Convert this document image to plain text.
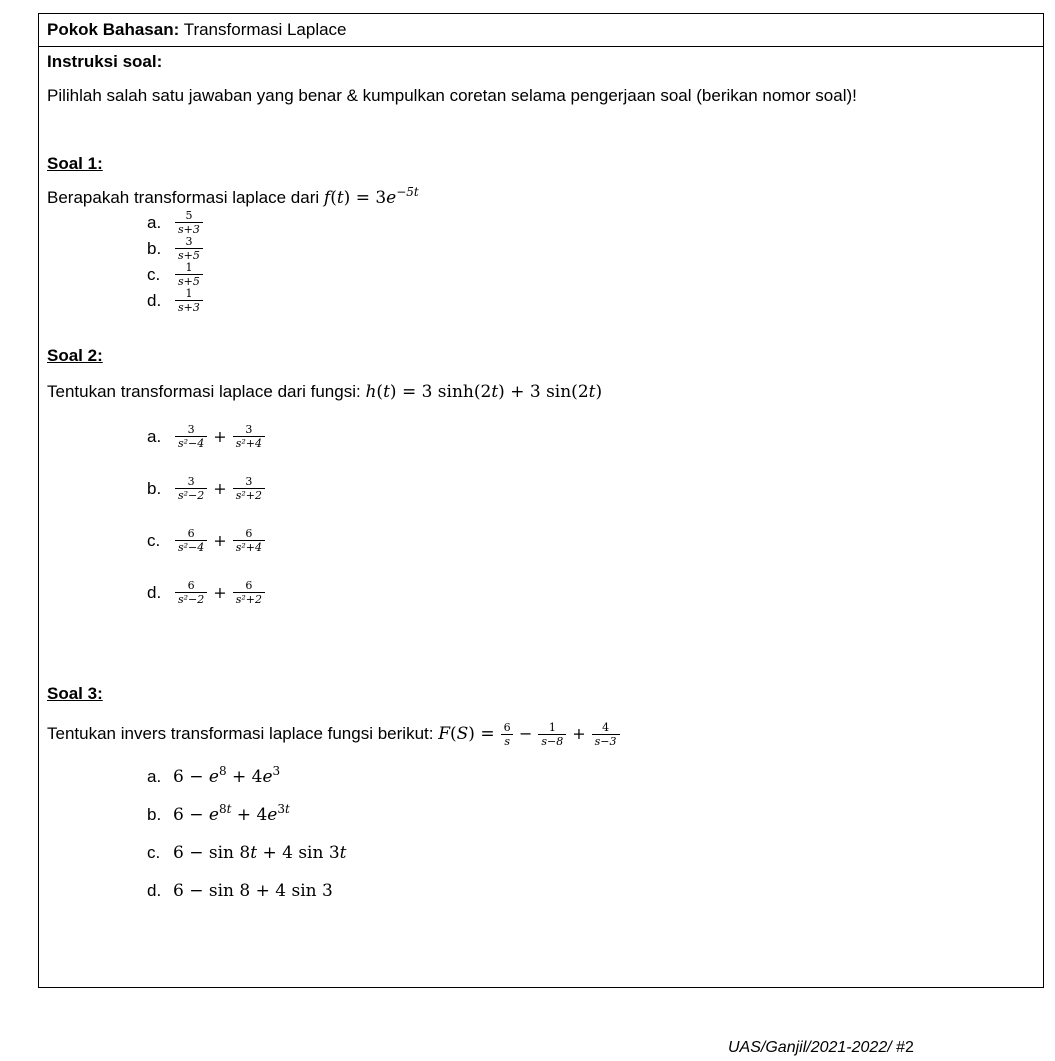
Pokok Bahasan: Transformasi Laplace
Instruksi soal:
Pilihlah salah satu jawaban yang benar & kumpulkan coretan selama pengerjaan soal (berikan nomor soal)!
Soal 1:
Berapakah transformasi laplace dari $f(t) = 3e^{-5t}$
a.	$\frac{5}{s+3}$
b.	$\frac{3}{s+5}$
c.	$\frac{1}{s+5}$
d.	$\frac{1}{s+3}$
Soal 2:
Tentukan transformasi laplace dari fungsi: h(t) = 3 sinh(2t) + 3 sin(2t)
a.	$\frac{3}{\text{s²−4}} + \frac{3}{\text{s²+4}}$
b.	$\frac{3}{\text{s²−2}} + \frac{3}{\text{s²+2}}$
c.	$\frac{6}{\text{s²−4}} + \frac{6}{\text{s²+4}}$
d.	$\frac{6}{\text{s²−2}} + \frac{6}{\text{s²+2}}$
Soal 3:
Tentukan invers transformasi laplace fungsi berikut: $F(S) = \frac{6}{s} - \frac{1}{s-8} + \frac{4}{s-3}$
a. $6 - e^8 + 4e^3$
b. $6 - e^{8t} + 4e^{3t}$
c. 6 − sin 8t + 4 sin 3t
d. 6 − sin 8 + 4 sin 3
UAS/Ganjil/2021-2022/ #2
